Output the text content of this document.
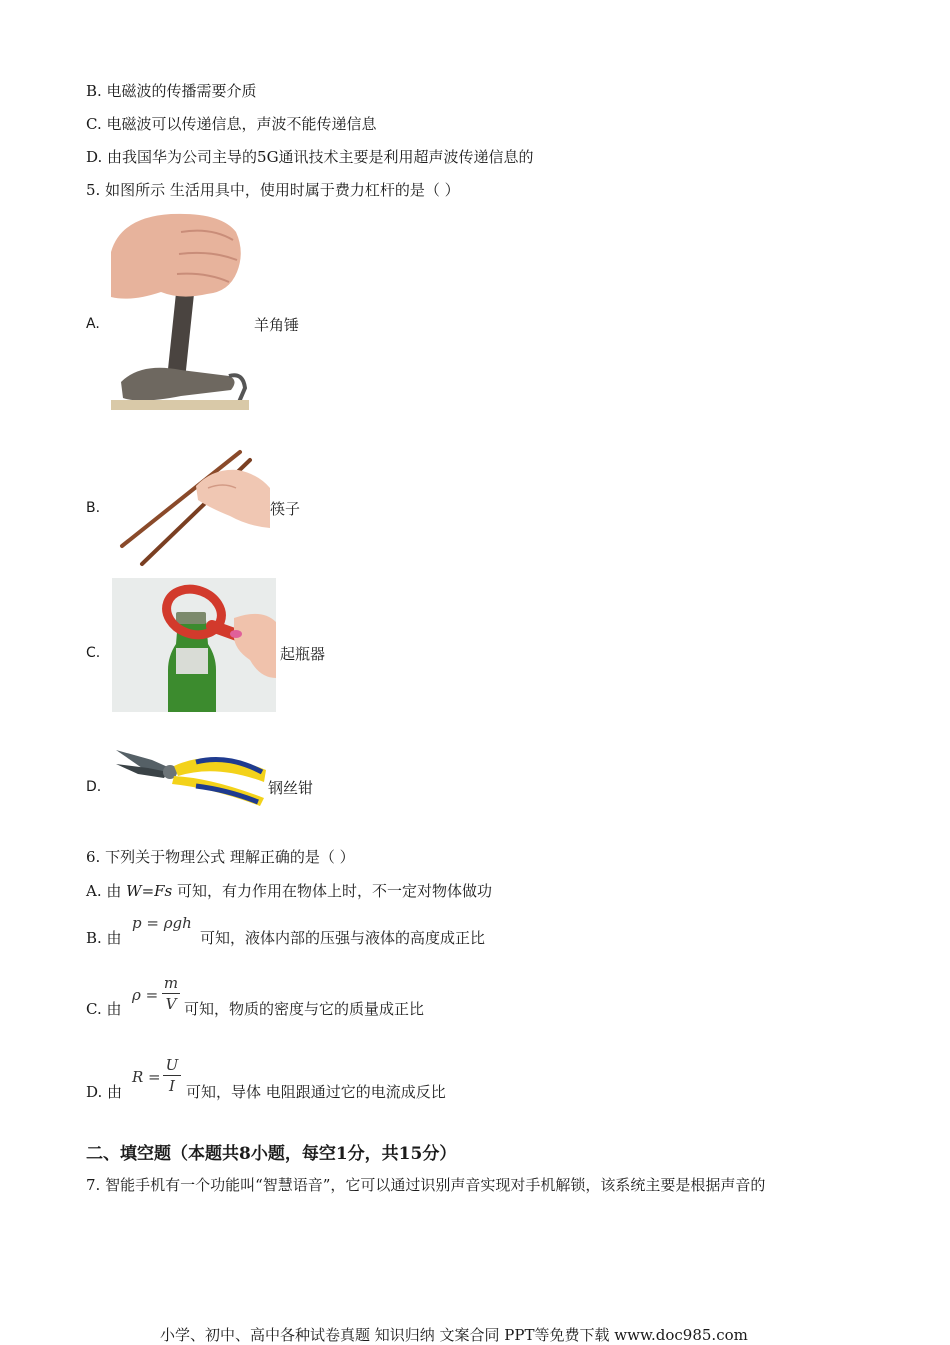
B. 电磁波的传播需要介质
C. 电磁波可以传递信息，声波不能传递信息
D. 由我国华为公司主导的5G通讯技术主要是利用超声波传递信息的
5. 如图所示 生活用具中，使用时属于费力杠杆的是（ ）
A.	羊角锤
B.	筷子
C.	起瓶器
D.	钢丝钳
6. 下列关于物理公式 理解正确的是（ ）
A. 由 W=Fs 可知，有力作用在物体上时，不一定对物体做功
B. 由
p = ρgh
可知，液体内部的压强与液体的高度成正比
C. 由
ρ =
m
V 可知，物质的密度与它的质量成正比
D. 由
R =
U
I 可知，导体 电阻跟通过它的电流成反比
二、填空题（本题共8小题，每空1分，共15分）
7. 智能手机有一个功能叫“智慧语音”，它可以通过识别声音实现对手机解锁，该系统主要是根据声音的
小学、初中、高中各种试卷真题 知识归纳 文案合同 PPT等免费下载 www.doc985.com
